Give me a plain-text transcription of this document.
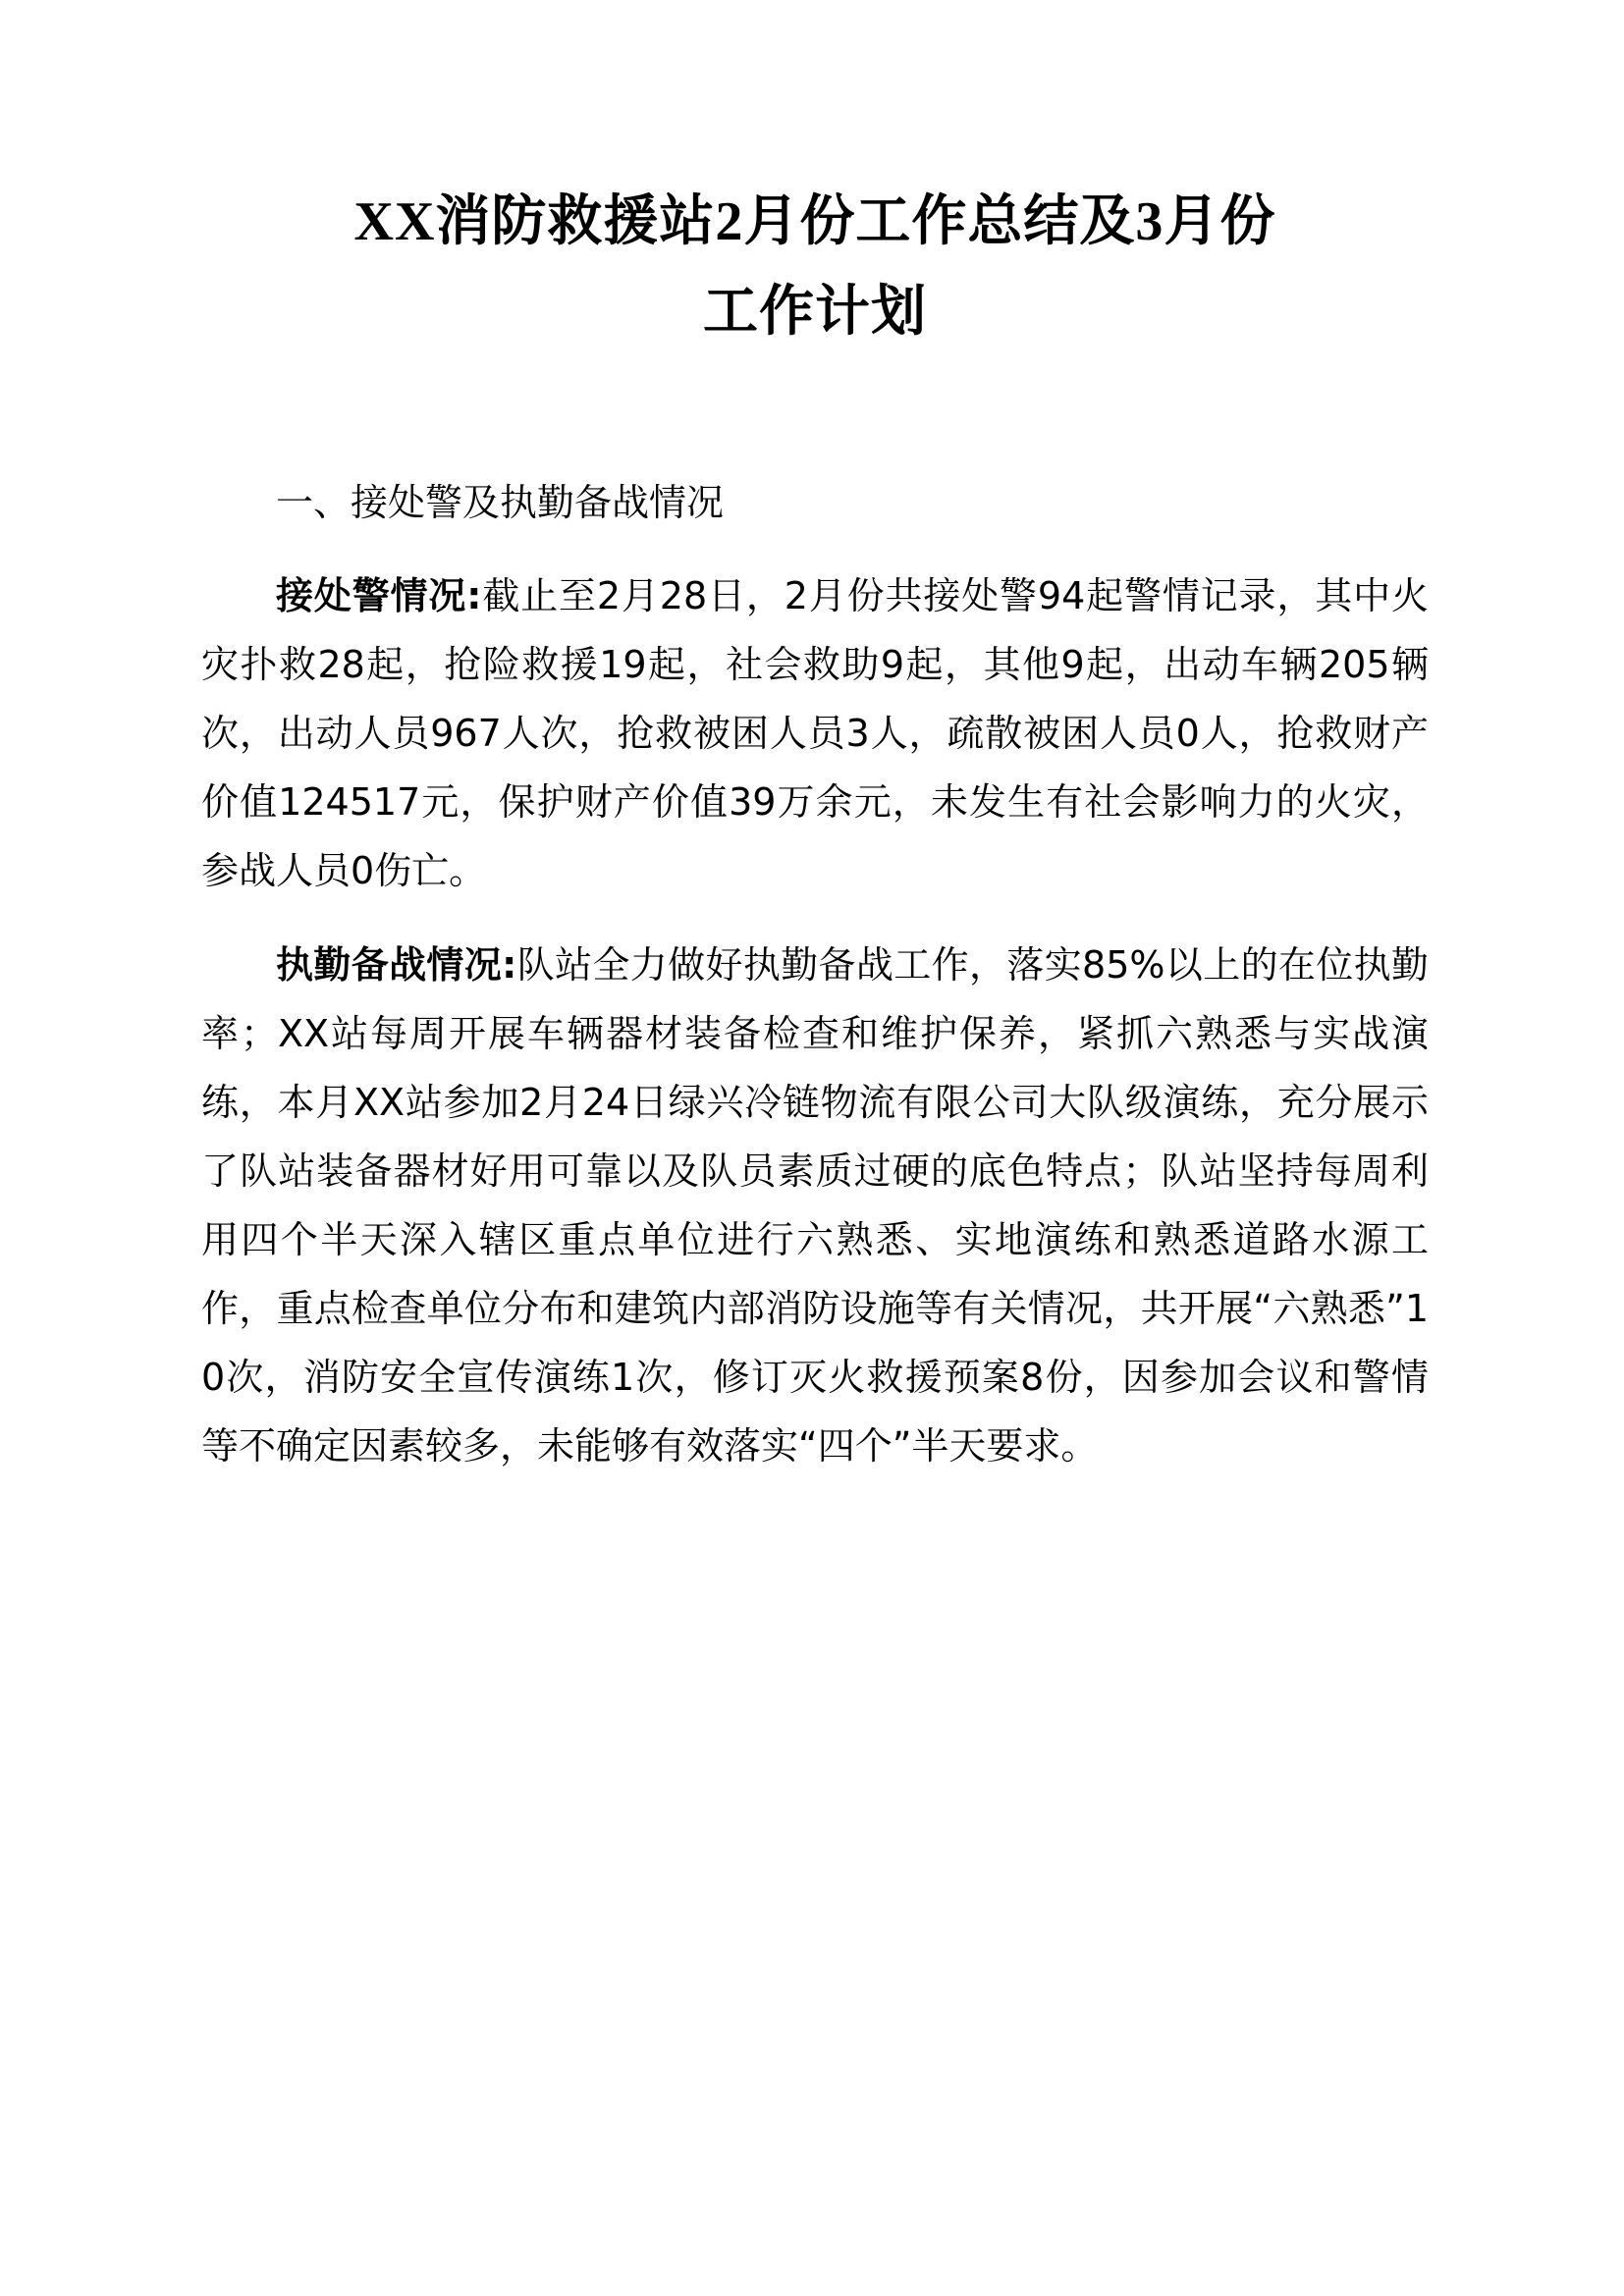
XX消防救援站2月份工作总结及3月份
工作计划
一、接处警及执勤备战情况

接处警情况:截止至2月28日，2月份共接处警94起警情记录，其中火灾扑救28起，抢险救援19起，社会救助9起，其他9起，出动车辆205辆次，出动人员967人次，抢救被困人员3人，疏散被困人员0人，抢救财产价值124517元，保护财产价值39万余元，未发生有社会影响力的火灾，参战人员0伤亡。

执勤备战情况:队站全力做好执勤备战工作，落实85%以上的在位执勤率；XX站每周开展车辆器材装备检查和维护保养，紧抓六熟悉与实战演练，本月XX站参加2月24日绿兴冷链物流有限公司大队级演练，充分展示了队站装备器材好用可靠以及队员素质过硬的底色特点；队站坚持每周利用四个半天深入辖区重点单位进行六熟悉、实地演练和熟悉道路水源工作，重点检查单位分布和建筑内部消防设施等有关情况，共开展“六熟悉”10次，消防安全宣传演练1次，修订灭火救援预案8份，因参加会议和警情等不确定因素较多，未能够有效落实“四个”半天要求。
